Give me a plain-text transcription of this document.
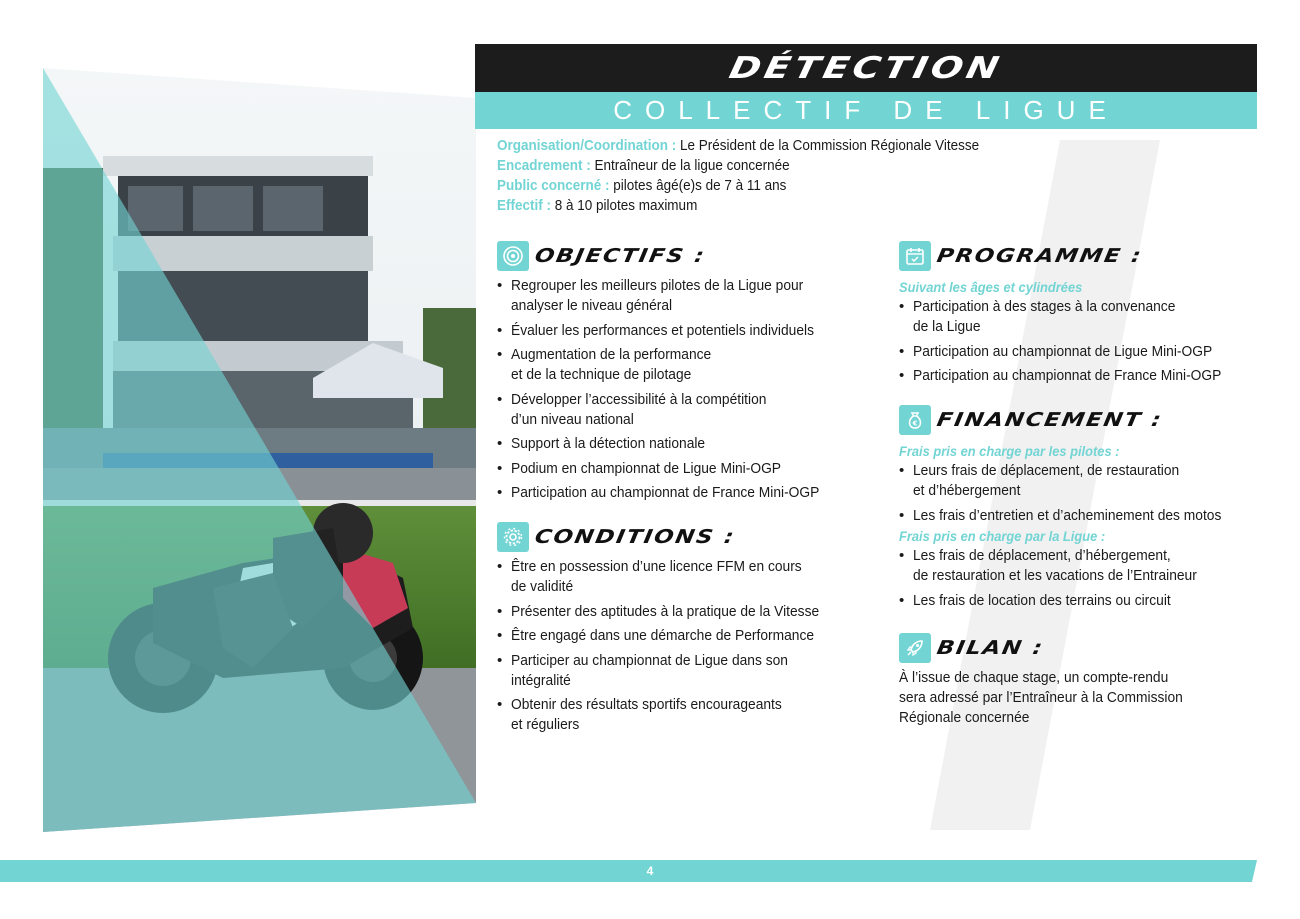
DÉTECTION
COLLECTIF DE LIGUE
Organisation/Coordination : Le Président de la Commission Régionale Vitesse
Encadrement : Entraîneur de la ligue concernée
Public concerné : pilotes âgé(e)s de 7 à 11 ans
Effectif : 8 à 10 pilotes maximum
OBJECTIFS :
• Regrouper les meilleurs pilotes de la Ligue pour
analyser le niveau général
• Évaluer les performances et potentiels individuels
• Augmentation de la performance
et de la technique de pilotage
• Développer l’accessibilité à la compétition
d’un niveau national
• Support à la détection nationale
• Podium en championnat de Ligue Mini-OGP
• Participation au championnat de France Mini-OGP
CONDITIONS :
• Être en possession d’une licence FFM en cours
de validité
• Présenter des aptitudes à la pratique de la Vitesse
• Être engagé dans une démarche de Performance
• Participer au championnat de Ligue dans son
intégralité
• Obtenir des résultats sportifs encourageants
et réguliers
PROGRAMME :
Suivant les âges et cylindrées
• Participation à des stages à la convenance
de la Ligue
• Participation au championnat de Ligue Mini-OGP
• Participation au championnat de France Mini-OGP
€ FINANCEMENT :
Frais pris en charge par les pilotes :
• Leurs frais de déplacement, de restauration
et d’hébergement
• Les frais d’entretien et d’acheminement des motos
Frais pris en charge par la Ligue :
• Les frais de déplacement, d’hébergement,
de restauration et les vacations de l’Entraineur
• Les frais de location des terrains ou circuit
BILAN :
À l’issue de chaque stage, un compte-rendu
sera adressé par l’Entraîneur à la Commission
Régionale concernée
4
